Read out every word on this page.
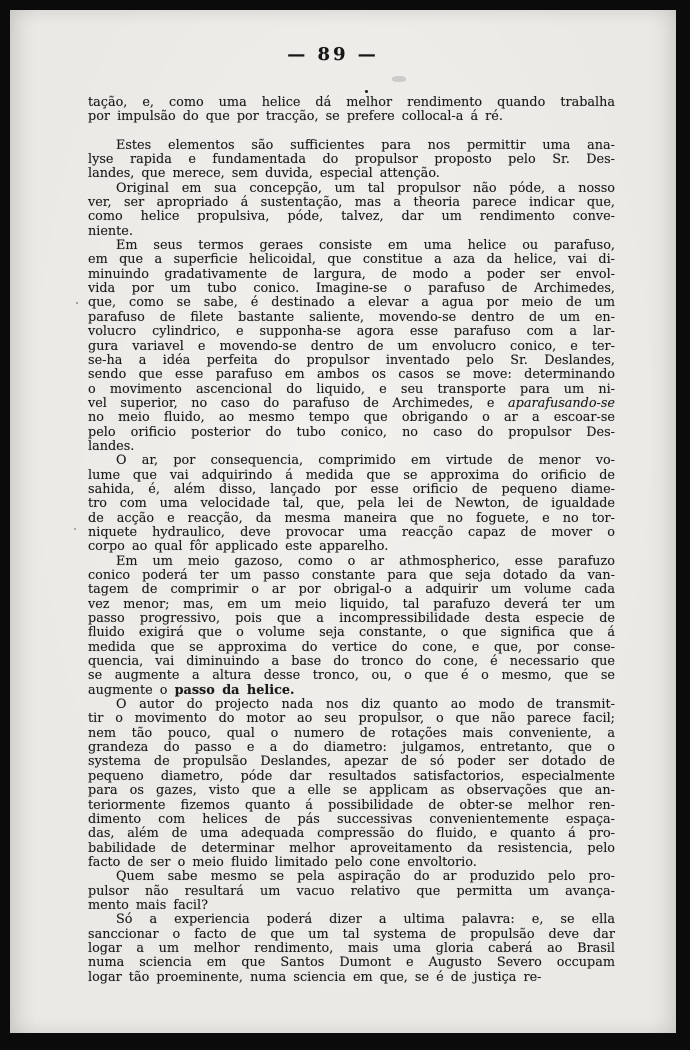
— 89 —
tação, e, como uma helice dá melhor rendimento quando trabalha
por impulsão do que por tracção, se prefere collocal-a á ré.
Estes elementos são sufficientes para nos permittir uma ana-
lyse rapida e fundamentada do propulsor proposto pelo Sr. Des-
landes, que merece, sem duvida, especial attenção.
Original em sua concepção, um tal propulsor não póde, a nosso
ver, ser apropriado á sustentação, mas a theoria parece indicar que,
como helice propulsiva, póde, talvez, dar um rendimento conve-
niente.
Em seus termos geraes consiste em uma helice ou parafuso,
em que a superficie helicoidal, que constitue a aza da helice, vai di-
minuindo gradativamente de largura, de modo a poder ser envol-
vida por um tubo conico. Imagine-se o parafuso de Archimedes,
que, como se sabe, é destinado a elevar a agua por meio de um
parafuso de filete bastante saliente, movendo-se dentro de um en-
volucro cylindrico, e supponha-se agora esse parafuso com a lar-
gura variavel e movendo-se dentro de um envolucro conico, e ter-
se-ha a idéa perfeita do propulsor inventado pelo Sr. Deslandes,
sendo que esse parafuso em ambos os casos se move: determinando
o movimento ascencional do liquido, e seu transporte para um ni-
vel superior, no caso do parafuso de Archimedes, e aparafusando-se
no meio fluido, ao mesmo tempo que obrigando o ar a escoar-se
pelo orificio posterior do tubo conico, no caso do propulsor Des-
landes.
O ar, por consequencia, comprimido em virtude de menor vo-
lume que vai adquirindo á medida que se approxima do orificio de
sahida, é, além disso, lançado por esse orificio de pequeno diame-
tro com uma velocidade tal, que, pela lei de Newton, de igualdade
de acção e reacção, da mesma maneira que no foguete, e no tor-
niquete hydraulico, deve provocar uma reacção capaz de mover o
corpo ao qual fôr applicado este apparelho.
Em um meio gazoso, como o ar athmospherico, esse parafuzo
conico poderá ter um passo constante para que seja dotado da van-
tagem de comprimir o ar por obrigal-o a adquirir um volume cada
vez menor; mas, em um meio liquido, tal parafuzo deverá ter um
passo progressivo, pois que a incompressibilidade desta especie de
fluido exigirá que o volume seja constante, o que significa que á
medida que se approxima do vertice do cone, e que, por conse-
quencia, vai diminuindo a base do tronco do cone, é necessario que
se augmente a altura desse tronco, ou, o que é o mesmo, que se
augmente o passo da helice.
O autor do projecto nada nos diz quanto ao modo de transmit-
tir o movimento do motor ao seu propulsor, o que não parece facil;
nem tão pouco, qual o numero de rotações mais conveniente, a
grandeza do passo e a do diametro: julgamos, entretanto, que o
systema de propulsão Deslandes, apezar de só poder ser dotado de
pequeno diametro, póde dar resultados satisfactorios, especialmente
para os gazes, visto que a elle se applicam as observações que an-
teriormente fizemos quanto á possibilidade de obter-se melhor ren-
dimento com helices de pás successivas convenientemente espaça-
das, além de uma adequada compressão do fluido, e quanto á pro-
babilidade de determinar melhor aproveitamento da resistencia, pelo
facto de ser o meio fluido limitado pelo cone envoltorio.
Quem sabe mesmo se pela aspiração do ar produzido pelo pro-
pulsor não resultará um vacuo relativo que permitta um avança-
mento mais facil?
Só a experiencia poderá dizer a ultima palavra: e, se ella
sanccionar o facto de que um tal systema de propulsão deve dar
logar a um melhor rendimento, mais uma gloria caberá ao Brasil
numa sciencia em que Santos Dumont e Augusto Severo occupam
logar tão proeminente, numa sciencia em que, se é de justiça re-
